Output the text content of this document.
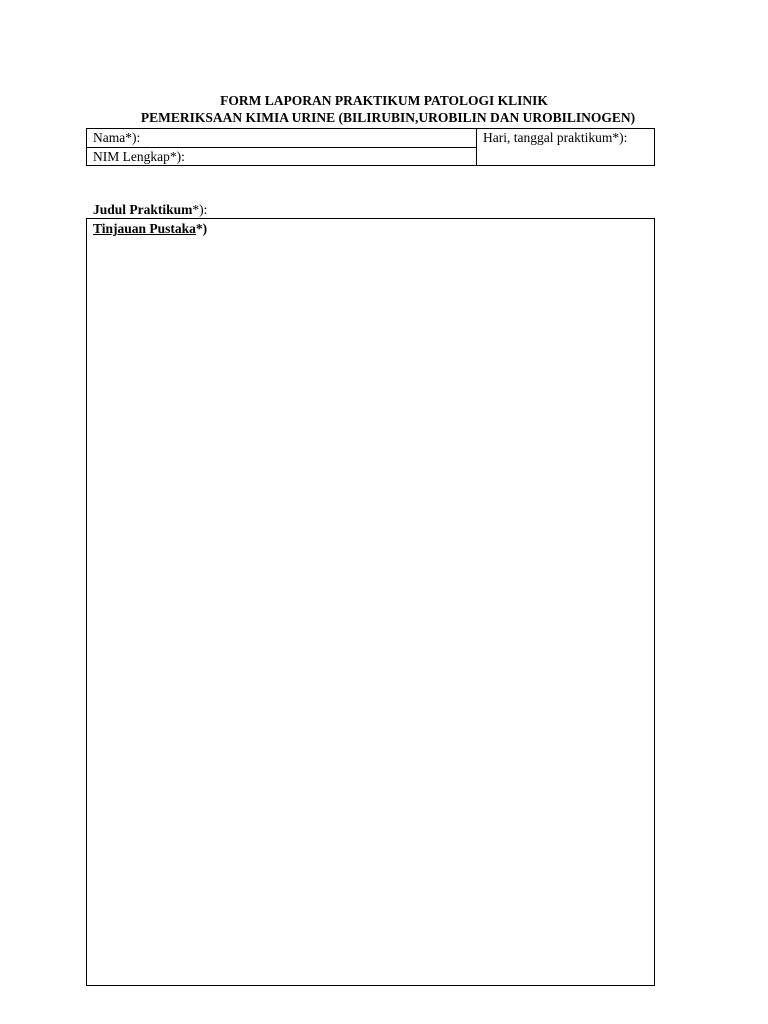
FORM LAPORAN PRAKTIKUM PATOLOGI KLINIK
PEMERIKSAAN KIMIA URINE (BILIRUBIN,UROBILIN DAN UROBILINOGEN)
Nama*):
NIM Lengkap*):
Hari, tanggal praktikum*):
Judul Praktikum*):
Tinjauan Pustaka*)
